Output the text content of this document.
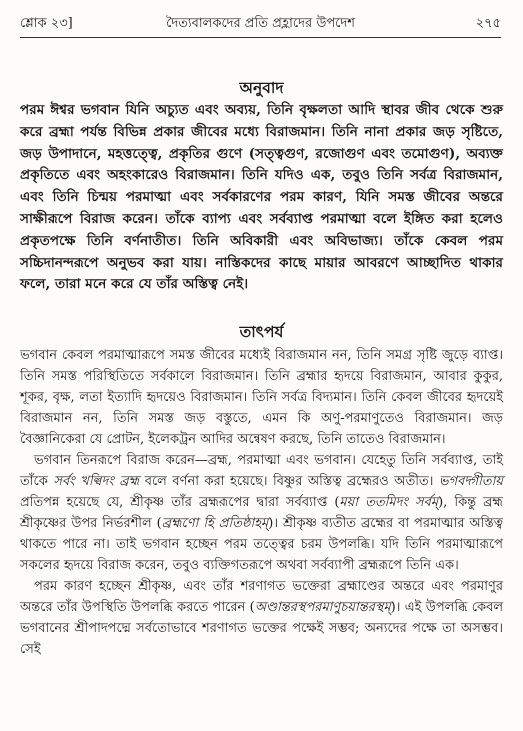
শ্লোক ২৩]	দৈত্যবালকদের প্রতি প্রহ্লাদের উপদেশ	২৭৫
অনুবাদ

পরম ঈশ্বর ভগবান যিনি অচ্যুত এবং অব্যয়, তিনি বৃক্ষলতা আদি স্থাবর জীব থেকে শুরু করে ব্রহ্মা পর্যন্ত বিভিন্ন প্রকার জীবের মধ্যে বিরাজমান। তিনি নানা প্রকার জড় সৃষ্টিতে, জড় উপাদানে, মহত্তত্ত্বে, প্রকৃতির গুণে (সত্ত্বগুণ, রজোগুণ এবং তমোগুণ), অব্যক্ত প্রকৃতিতে এবং অহংকারেও বিরাজমান। তিনি যদিও এক, তবুও তিনি সর্বত্র বিরাজমান, এবং তিনি চিন্ময় পরমাত্মা এবং সর্বকারণের পরম কারণ, যিনি সমস্ত জীবের অন্তরে সাক্ষীরূপে বিরাজ করেন। তাঁকে ব্যাপ্য এবং সর্বব্যাপ্ত পরমাত্মা বলে ইঙ্গিত করা হলেও প্রকৃতপক্ষে তিনি বর্ণনাতীত। তিনি অবিকারী এবং অবিভাজ্য। তাঁকে কেবল পরম সচ্চিদানন্দরূপে অনুভব করা যায়। নাস্তিকদের কাছে মায়ার আবরণে আচ্ছাদিত থাকার ফলে, তারা মনে করে যে তাঁর অস্তিত্ব নেই।

তাৎপর্য

ভগবান কেবল পরমাত্মারূপে সমস্ত জীবের মধ্যেই বিরাজমান নন, তিনি সমগ্র সৃষ্টি জুড়ে ব্যাপ্ত। তিনি সমস্ত পরিস্থিতিতে সর্বকালে বিরাজমান। তিনি ব্রহ্মার হৃদয়ে বিরাজমান, আবার কুকুর, শূকর, বৃক্ষ, লতা ইত্যাদি হৃদয়েও বিরাজমান। তিনি সর্বত্র বিদ্যমান। তিনি কেবল জীবের হৃদয়েই বিরাজমান নন, তিনি সমস্ত জড় বস্তুতে, এমন কি অণু-পরমাণুতেও বিরাজমান। জড় বৈজ্ঞানিকেরা যে প্রোটন, ইলেকট্রন আদির অন্বেষণ করছে, তিনি তাতেও বিরাজমান।

ভগবান তিনরূপে বিরাজ করেন—ব্রহ্ম, পরমাত্মা এবং ভগবান। যেহেতু তিনি সর্বব্যাপ্ত, তাই তাঁকে সর্বং খল্বিদং ব্রহ্ম বলে বর্ণনা করা হয়েছে। বিষ্ণুর অস্তিত্ব ব্রহ্মেরও অতীত। ভগবদ্গীতায় প্রতিপন্ন হয়েছে যে, শ্রীকৃষ্ণ তাঁর ব্রহ্মরূপের দ্বারা সর্বব্যাপ্ত (ময়া ততমিদং সর্বম্), কিন্তু ব্রহ্ম শ্রীকৃষ্ণের উপর নির্ভরশীল (ব্রহ্মণো হি প্রতিষ্ঠাহম্)। শ্রীকৃষ্ণ ব্যতীত ব্রহ্মের বা পরমাত্মার অস্তিত্ব থাকতে পারে না। তাই ভগবান হচ্ছেন পরম তত্ত্বের চরম উপলব্ধি। যদি তিনি পরমাত্মারূপে সকলের হৃদয়ে বিরাজ করেন, তবুও ব্যক্তিগতরূপে অথবা সর্বব্যাপী ব্রহ্মরূপে তিনি এক।

পরম কারণ হচ্ছেন শ্রীকৃষ্ণ, এবং তাঁর শরণাগত ভক্তেরা ব্রহ্মাণ্ডের অন্তরে এবং পরমাণুর অন্তরে তাঁর উপস্থিতি উপলব্ধি করতে পারেন (অণ্ডান্তরস্থপরমাণুচয়ান্তরস্থম্)। এই উপলব্ধি কেবল ভগবানের শ্রীপাদপদ্মে সর্বতোভাবে শরণাগত ভক্তের পক্ষেই সম্ভব; অন্যদের পক্ষে তা অসম্ভব। সেই
